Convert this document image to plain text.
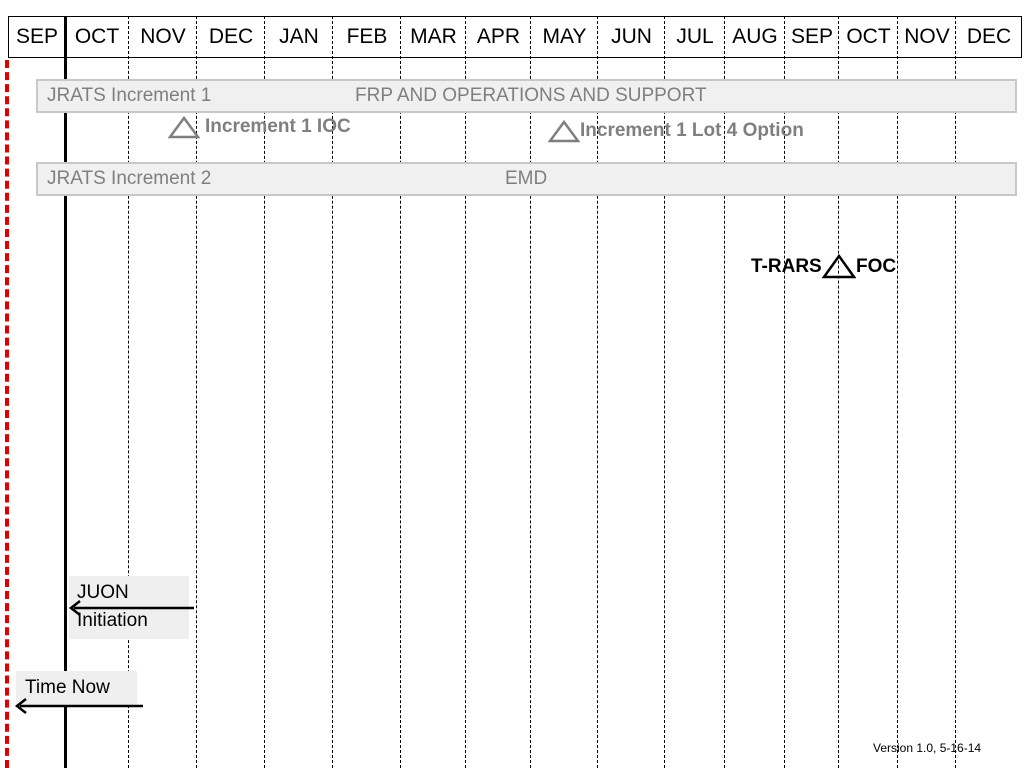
SEP OCT	NOV	DEC	JAN	FEB	MAR APR	MAY	JUN	JUL AUG SEP OCT NOV DEC
JRATS Increment 1	FRP AND OPERATIONS AND SUPPORT
Increment 1 IOC	Increment 1 Lot 4 Option
JRATS Increment 2	EMD
T-RARS FOC
JUON
Initiation
Time Now
Version 1.0, 5-16-14
